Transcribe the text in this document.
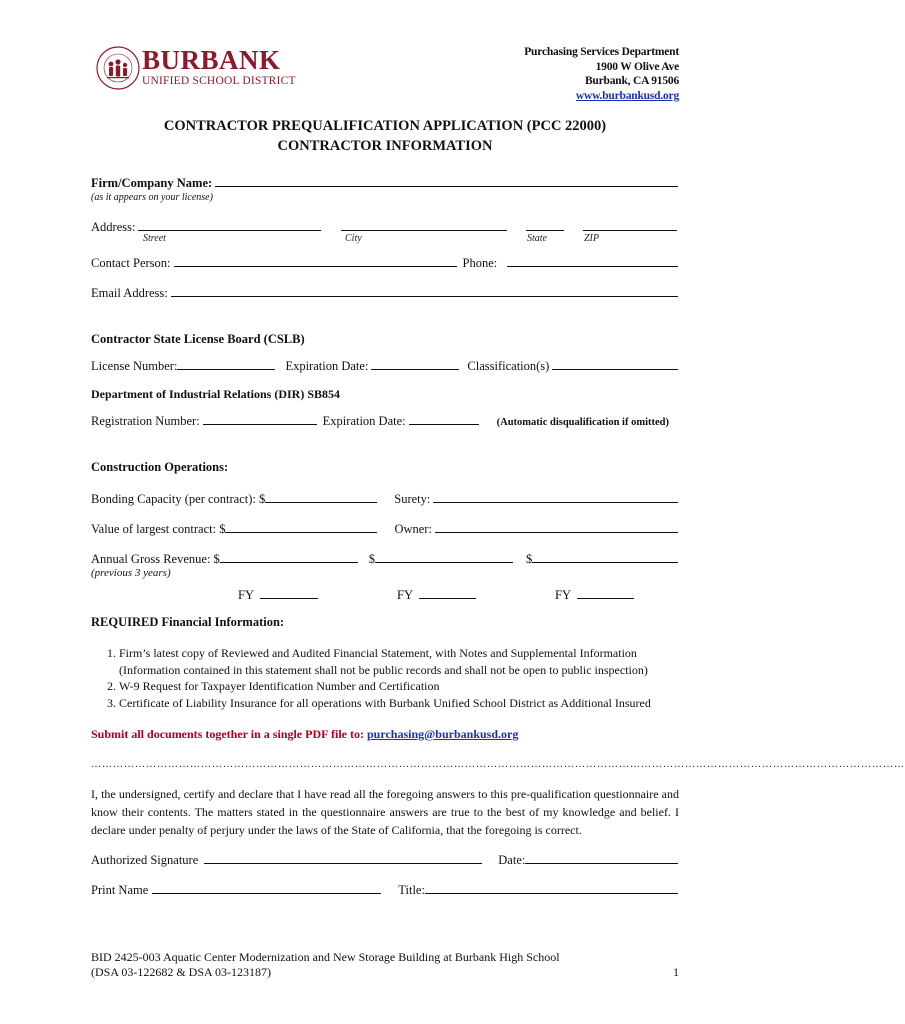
BURBANK
UNIFIED SCHOOL DISTRICT
Purchasing Services Department
1900 W Olive Ave
Burbank, CA 91506
www.burbankusd.org
CONTRACTOR PREQUALIFICATION APPLICATION (PCC 22000)
CONTRACTOR INFORMATION
Firm/Company Name:
(as it appears on your license)
Address:
Street	City	State	ZIP
Contact Person:	Phone:
Email Address:
Contractor State License Board (CSLB)
License Number:	Expiration Date:	Classification(s)
Department of Industrial Relations (DIR) SB854
Registration Number:	Expiration Date:	(Automatic disqualification if omitted)
Construction Operations:
Bonding Capacity (per contract): $	Surety:
Value of largest contract: $	Owner:
Annual Gross Revenue: $	$	$
(previous 3 years)
FY	FY	FY
REQUIRED Financial Information:
1. Firm’s latest copy of Reviewed and Audited Financial Statement, with Notes and Supplemental Information
(Information contained in this statement shall not be public records and shall not be open to public inspection)
2. W-9 Request for Taxpayer Identification Number and Certification
3. Certificate of Liability Insurance for all operations with Burbank Unified School District as Additional Insured
Submit all documents together in a single PDF file to: purchasing@burbankusd.org
……………………………………………………………………………………………………………………………………………………………………………………………………
I, the undersigned, certify and declare that I have read all the foregoing answers to this pre-qualification questionnaire and know their contents. The matters stated in the questionnaire answers are true to the best of my knowledge and belief. I declare under penalty of perjury under the laws of the State of California, that the foregoing is correct.
Authorized Signature	Date:
Print Name	Title:
BID 2425-003 Aquatic Center Modernization and New Storage Building at Burbank High School
(DSA 03-122682 & DSA 03-123187)	1
